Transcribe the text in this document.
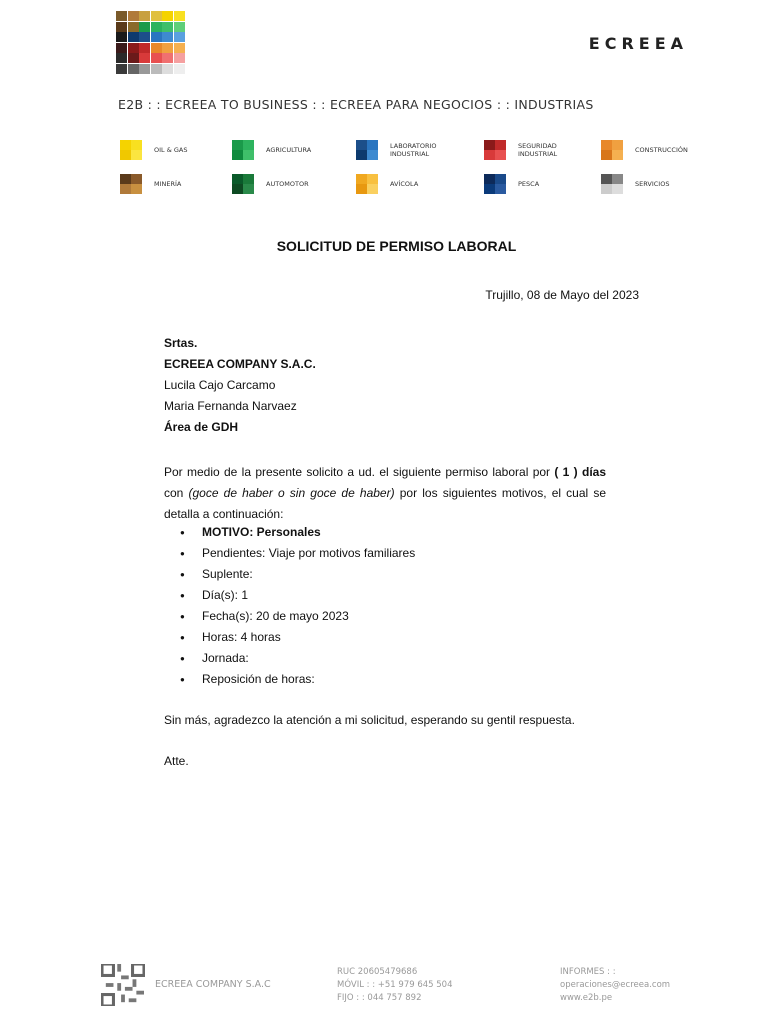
ECREEA
E2B : : ECREEA TO BUSINESS : : ECREEA PARA NEGOCIOS : : INDUSTRIAS
OIL & GAS	AGRICULTURA	LABORATORIO INDUSTRIAL
SEGURIDAD INDUSTRIAL	CONSTRUCCIÓN
MINERÍA	AUTOMOTOR	AVÍCOLA	PESCA	SERVICIOS
SOLICITUD DE PERMISO LABORAL
Trujillo, 08 de Mayo del 2023
Srtas.
ECREEA COMPANY S.A.C.
Lucila Cajo Carcamo
Maria Fernanda Narvaez
Área de GDH
Por medio de la presente solicito a ud. el siguiente permiso laboral por ( 1 ) días con (goce de haber o sin goce de haber) por los siguientes motivos, el cual se detalla a continuación:
● MOTIVO: Personales
● Pendientes: Viaje por motivos familiares
● Suplente:
● Día(s): 1
● Fecha(s): 20 de mayo 2023
● Horas: 4 horas
● Jornada:
● Reposición de horas:
Sin más, agradezco la atención a mi solicitud, esperando su gentil respuesta.
Atte.
ECREEA COMPANY S.A.C
RUC 20605479686
MÓVIL : : +51 979 645 504
FIJO : : 044 757 892
INFORMES : :
operaciones@ecreea.com
www.e2b.pe
